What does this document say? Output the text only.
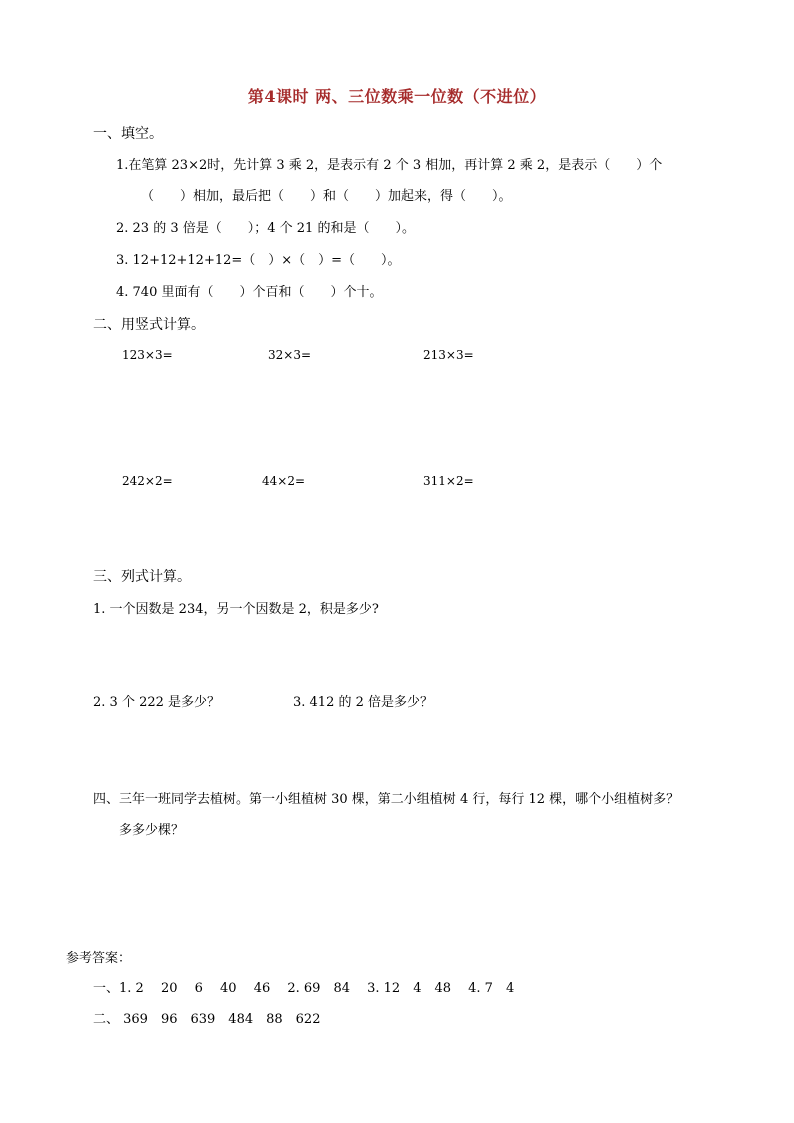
第4课时 两、三位数乘一位数（不进位）
一、填空。
1.在笔算 23×2时，先计算 3 乘 2，是表示有 2 个 3 相加，再计算 2 乘 2，是表示（　　）个
（　　）相加，最后把（　　）和（　　）加起来，得（　　）。
2. 23 的 3 倍是（　　）；4 个 21 的和是（　　）。
3. 12+12+12+12=（　）×（　）=（　　）。
4. 740 里面有（　　）个百和（　　）个十。
二、用竖式计算。
123×3=	32×3=	213×3=
242×2=	44×2=	311×2=
三、列式计算。
1. 一个因数是 234，另一个因数是 2，积是多少?
2. 3 个 222 是多少？	3. 412 的 2 倍是多少？
四、三年一班同学去植树。第一小组植树 30 棵，第二小组植树 4 行，每行 12 棵，哪个小组植树多？
多多少棵？
参考答案：
一、1. 2　 20　 6　 40　 46　 2. 69　84　 3. 12　4　48　 4. 7　4
二、 369　96　639　484　88　622
